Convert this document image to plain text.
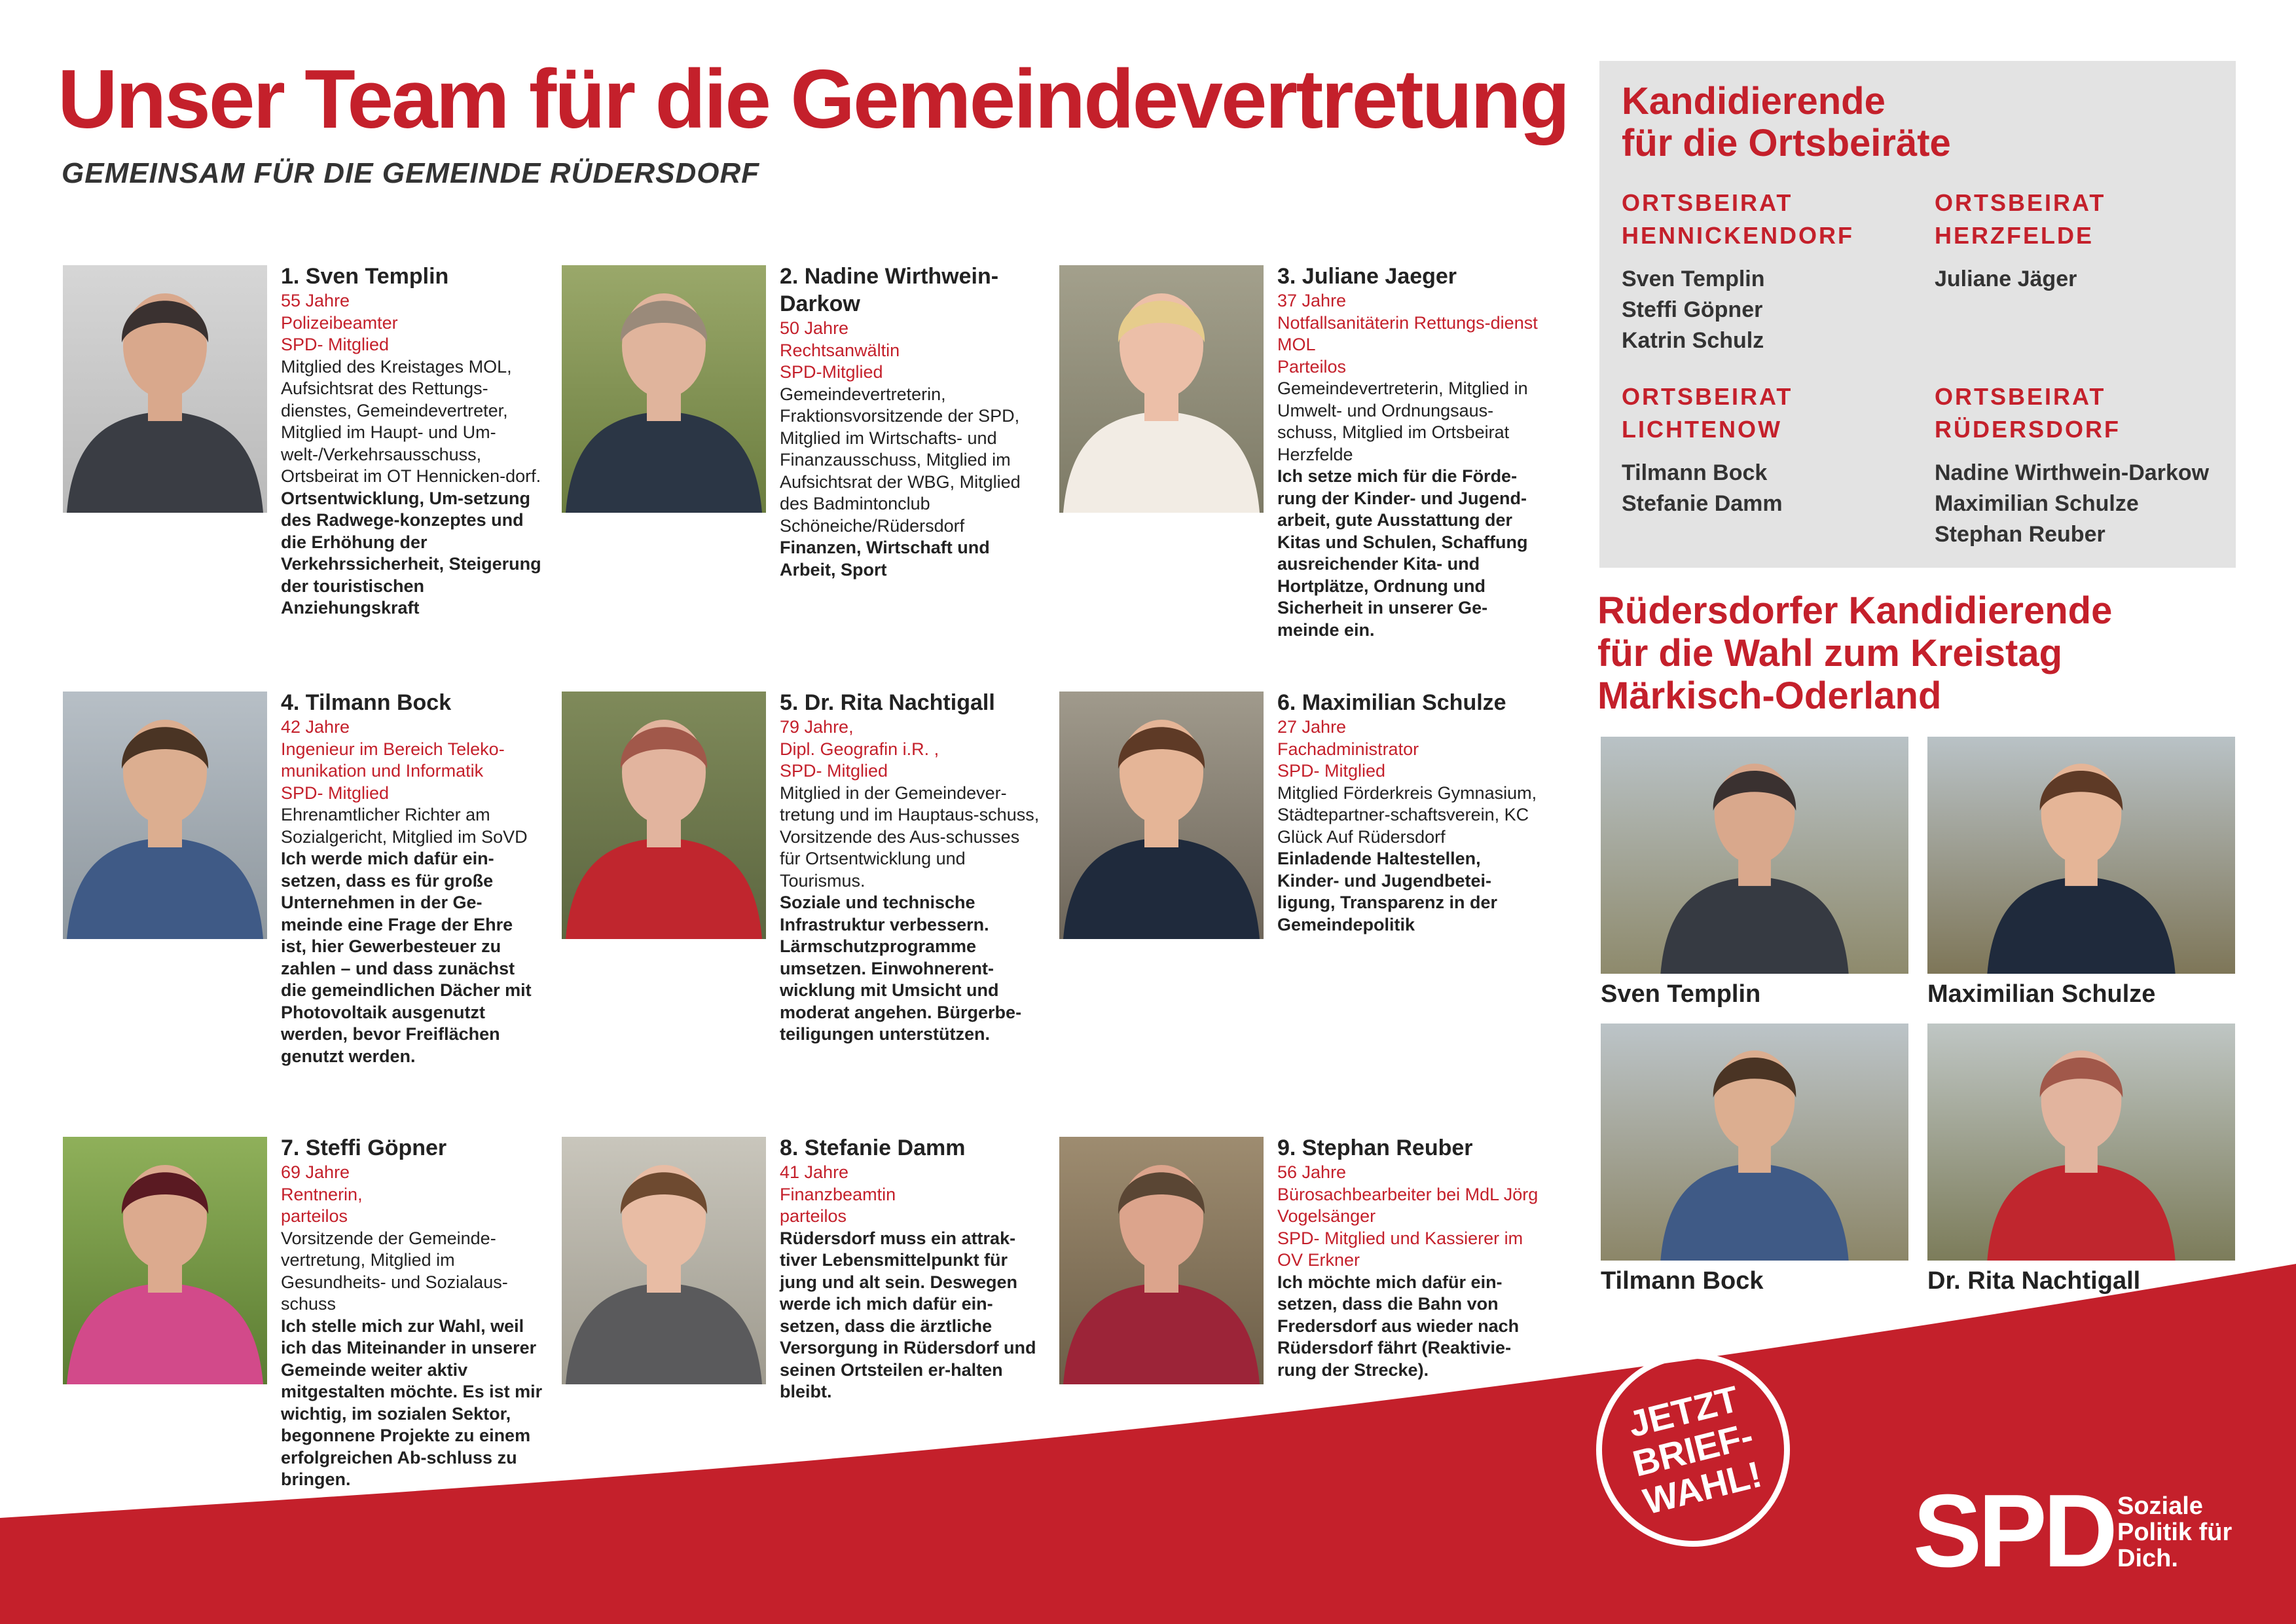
Unser Team für die Gemeindevertretung
GEMEINSAM FÜR DIE GEMEINDE RÜDERSDORF
1. Sven Templin
55 Jahre
Polizeibeamter
SPD- Mitglied
Mitglied des Kreistages MOL, Aufsichtsrat des Rettungs-dienstes, Gemeindevertreter, Mitglied im Haupt- und Um-welt-/Verkehrsausschuss, Ortsbeirat im OT Hennicken-dorf.
Ortsentwicklung, Um-setzung des Radwege-konzeptes und die Erhöhung der Verkehrssicherheit, Steigerung der touristischen Anziehungskraft
2. Nadine Wirthwein-Darkow
50 Jahre
Rechtsanwältin
SPD-Mitglied
Gemeindevertreterin, Fraktionsvorsitzende der SPD, Mitglied im Wirtschafts- und Finanzausschuss, Mitglied im Aufsichtsrat der WBG, Mitglied des Badmintonclub Schöneiche/Rüdersdorf
Finanzen, Wirtschaft und Arbeit, Sport
3. Juliane Jaeger
37 Jahre
Notfallsanitäterin Rettungs-dienst MOL
Parteilos
Gemeindevertreterin, Mitglied in Umwelt- und Ordnungsaus-schuss, Mitglied im Ortsbeirat Herzfelde
Ich setze mich für die Förde-rung der Kinder- und Jugend-arbeit, gute Ausstattung der Kitas und Schulen, Schaffung ausreichender Kita- und Hortplätze, Ordnung und Sicherheit in unserer Ge-meinde ein.
4. Tilmann Bock
42 Jahre
Ingenieur im Bereich Teleko-munikation und Informatik
SPD- Mitglied
Ehrenamtlicher Richter am Sozialgericht, Mitglied im SoVD
Ich werde mich dafür ein-setzen, dass es für große Unternehmen in der Ge-meinde eine Frage der Ehre ist, hier Gewerbesteuer zu zahlen – und dass zunächst die gemeindlichen Dächer mit Photovoltaik ausgenutzt werden, bevor Freiflächen genutzt werden.
5. Dr. Rita Nachtigall
79 Jahre,
Dipl. Geografin i.R. ,
SPD- Mitglied
Mitglied in der Gemeindever-tretung und im Hauptaus-schuss, Vorsitzende des Aus-schusses für Ortsentwicklung und Tourismus.
Soziale und technische Infrastruktur verbessern. Lärmschutzprogramme umsetzen. Einwohnerent-wicklung mit Umsicht und moderat angehen. Bürgerbe-teiligungen unterstützen.
6. Maximilian Schulze
27 Jahre
Fachadministrator
SPD- Mitglied
Mitglied Förderkreis Gymnasium, Städtepartner-schaftsverein, KC Glück Auf Rüdersdorf
Einladende Haltestellen, Kinder- und Jugendbetei-ligung, Transparenz in der Gemeindepolitik
7. Steffi Göpner
69 Jahre
Rentnerin,
parteilos
Vorsitzende der Gemeinde-vertretung, Mitglied im Gesundheits- und Sozialaus-schuss
Ich stelle mich zur Wahl, weil ich das Miteinander in unserer Gemeinde weiter aktiv mitgestalten möchte. Es ist mir wichtig, im sozialen Sektor, begonnene Projekte zu einem erfolgreichen Ab-schluss zu bringen.
8. Stefanie Damm
41 Jahre
Finanzbeamtin
parteilos
Rüdersdorf muss ein attrak-tiver Lebensmittelpunkt für jung und alt sein. Deswegen werde ich mich dafür ein-setzen, dass die ärztliche Versorgung in Rüdersdorf und seinen Ortsteilen er-halten bleibt.
9. Stephan Reuber
56 Jahre
Bürosachbearbeiter bei MdL Jörg Vogelsänger
SPD- Mitglied und Kassierer im OV Erkner
Ich möchte mich dafür ein-setzen, dass die Bahn von Fredersdorf aus wieder nach Rüdersdorf fährt (Reaktivie-rung der Strecke).
Kandidierende
für die Ortsbeiräte
ORTSBEIRAT
HENNICKENDORF
Sven Templin
Steffi Göpner
Katrin Schulz
ORTSBEIRAT
HERZFELDE
Juliane Jäger
ORTSBEIRAT
LICHTENOW
Tilmann Bock
Stefanie Damm
ORTSBEIRAT
RÜDERSDORF
Nadine Wirthwein-Darkow
Maximilian Schulze
Stephan Reuber
Rüdersdorfer Kandidierende
für die Wahl zum Kreistag
Märkisch-Oderland
Sven Templin	Maximilian Schulze
Tilmann Bock	Dr. Rita Nachtigall
JETZT
BRIEF-
WAHL!	SPD Soziale
Politik für
Dich.
